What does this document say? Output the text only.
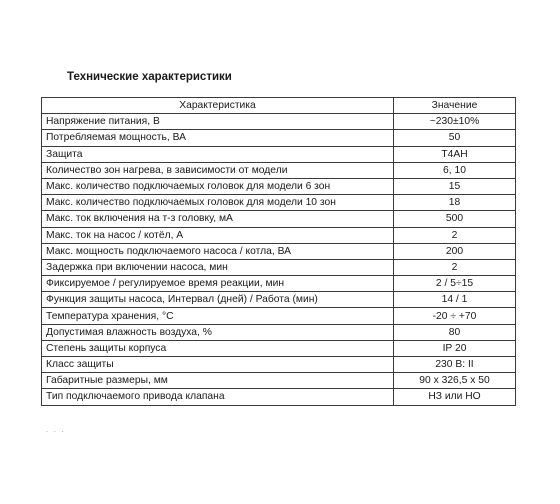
Технические характеристики
Характеристика	Значение
Напряжение питания, В	~230±10%
Потребляемая мощность, ВА	50
Защита	Т4АН
Количество зон нагрева, в зависимости от модели	6, 10
Макс. количество подключаемых головок для модели 6 зон	15
Макс. количество подключаемых головок для модели 10 зон	18
Макс. ток включения на т-з головку, мА	500
Макс. ток на насос / котёл, А	2
Макс. мощность подключаемого насоса / котла, ВА	200
Задержка при включении насоса, мин	2
Фиксируемое / регулируемое время реакции, мин	2 / 5÷15
Функция защиты насоса, Интервал (дней) / Работа (мин)	14 / 1
Температура хранения, °С	-20 ÷ +70
Допустимая влажность воздуха, %	80
Степень защиты корпуса	IP 20
Класс защиты	230 В: II
Габаритные размеры, мм	90 x 326,5 x 50
Тип подключаемого привода клапана	НЗ или НО
. . .
